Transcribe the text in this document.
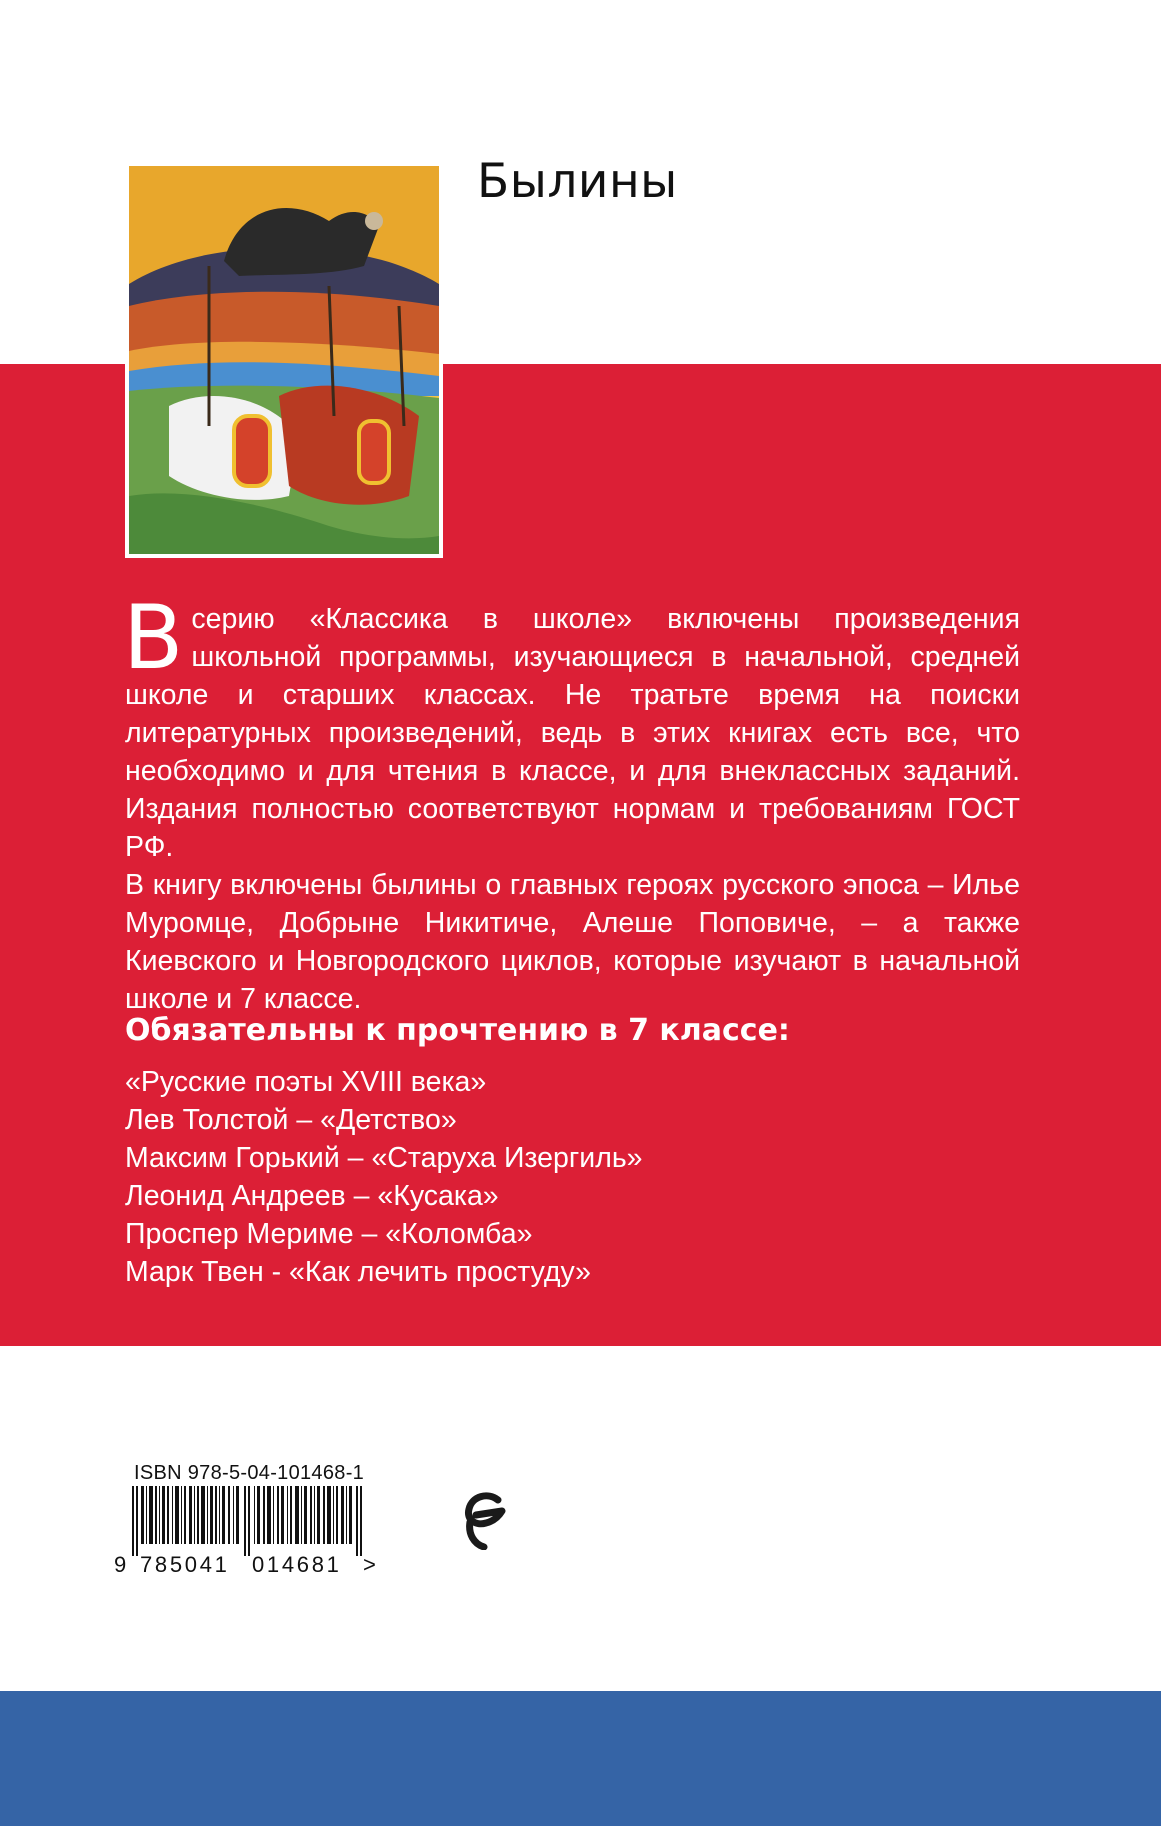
Былины

Всерию «Классика в школе» включены произведения школьной программы, изучающиеся в начальной, средней школе и старших классах. Не тратьте время на поиски литературных произведений, ведь в этих книгах есть все, что необходимо и для чтения в классе, и для внеклассных заданий. Издания полностью соответствуют нормам и требованиям ГОСТ РФ.

В книгу включены былины о главных героях русского эпоса – Илье Муромце, Добрыне Никитиче, Алеше Поповиче, – а также Киевского и Новгородского циклов, которые изучают в начальной школе и 7 классе.

Обязательны к прочтению в 7 классе:
«Русские поэты XVIII века»
Лев Толстой – «Детство»
Максим Горький – «Старуха Изергиль»
Леонид Андреев – «Кусака»
Проспер Мериме – «Коломба»
Марк Твен - «Как лечить простуду»

ISBN 978-5-04-101468-1

9 785041 014681 >
